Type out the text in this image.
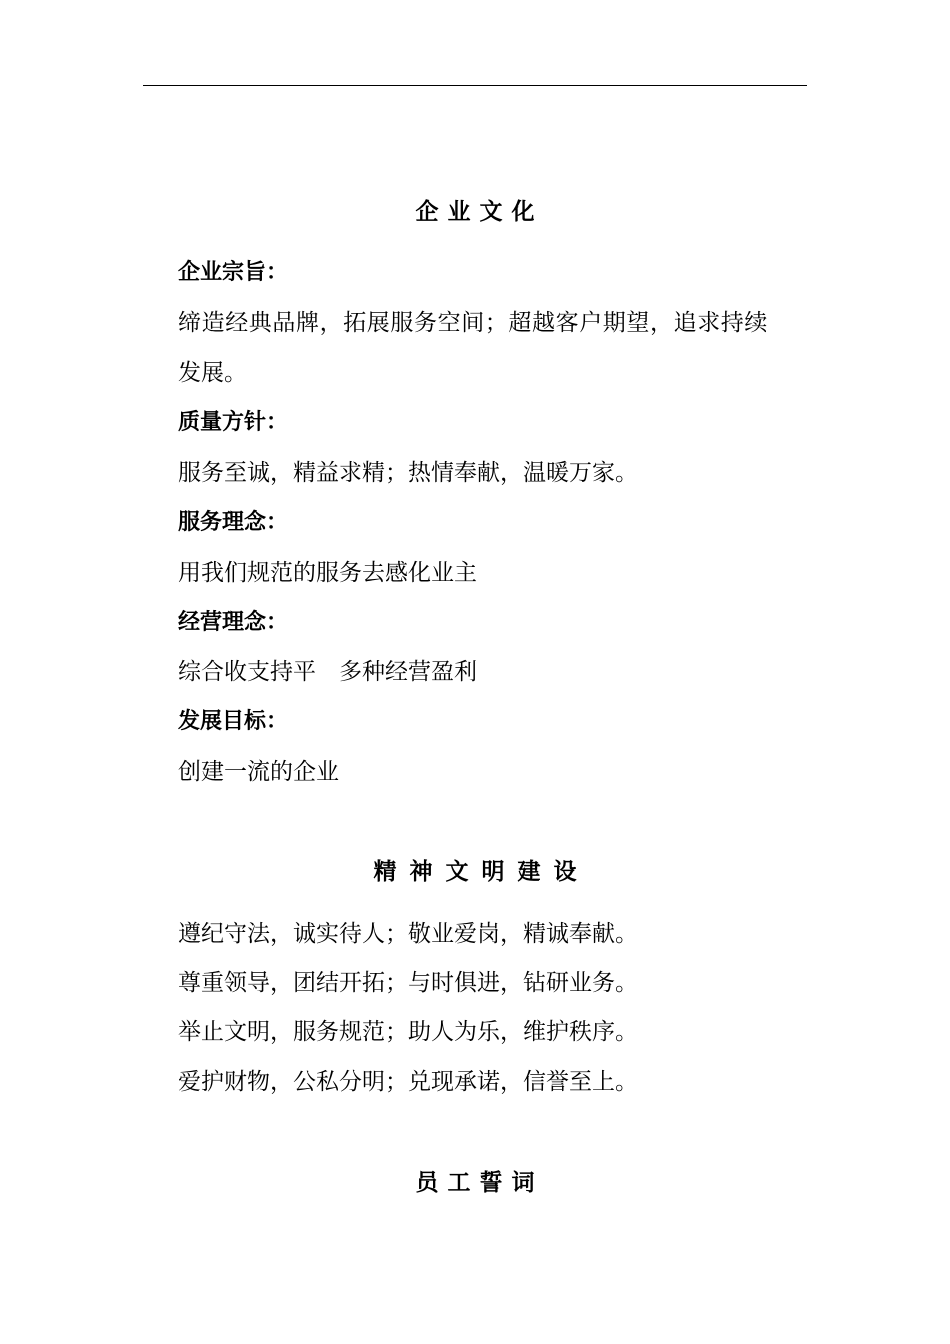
企业文化
企业宗旨：
缔造经典品牌，拓展服务空间；超越客户期望，追求持续
发展。
质量方针：
服务至诚，精益求精；热情奉献，温暖万家。
服务理念：
用我们规范的服务去感化业主
经营理念：
综合收支持平　多种经营盈利
发展目标：
创建一流的企业
精神文明建设
遵纪守法，诚实待人；敬业爱岗，精诚奉献。
尊重领导，团结开拓；与时俱进，钻研业务。
举止文明，服务规范；助人为乐，维护秩序。
爱护财物，公私分明；兑现承诺，信誉至上。
员工誓词
